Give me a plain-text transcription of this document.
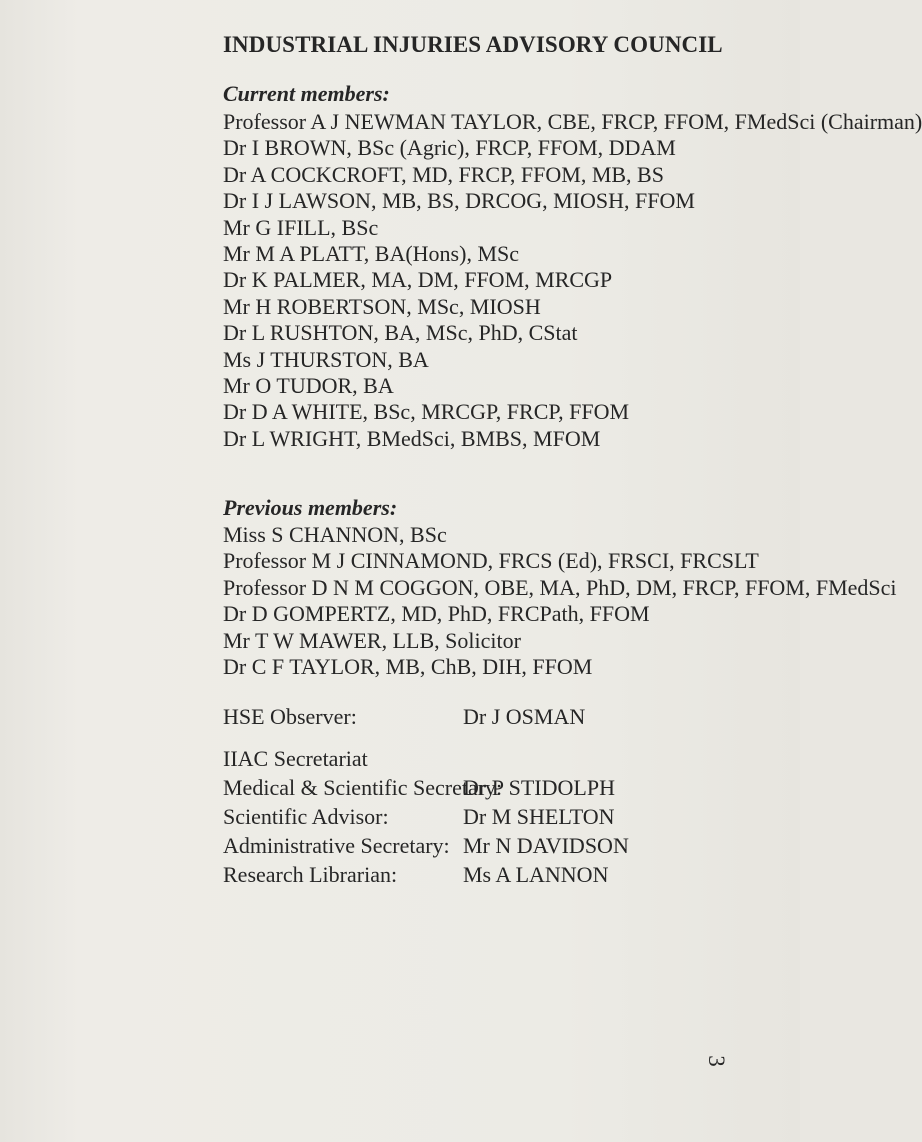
INDUSTRIAL INJURIES ADVISORY COUNCIL
Current members:
Professor A J NEWMAN TAYLOR, CBE, FRCP, FFOM, FMedSci (Chairman)
Dr I BROWN, BSc (Agric), FRCP, FFOM, DDAM
Dr A COCKCROFT, MD, FRCP, FFOM, MB, BS
Dr I J LAWSON, MB, BS, DRCOG, MIOSH, FFOM
Mr G IFILL, BSc
Mr M A PLATT, BA(Hons), MSc
Dr K PALMER, MA, DM, FFOM, MRCGP
Mr H ROBERTSON, MSc, MIOSH
Dr L RUSHTON, BA, MSc, PhD, CStat
Ms J THURSTON, BA
Mr O TUDOR, BA
Dr D A WHITE, BSc, MRCGP, FRCP, FFOM
Dr L WRIGHT, BMedSci, BMBS, MFOM
Previous members:
Miss S CHANNON, BSc
Professor M J CINNAMOND, FRCS (Ed), FRSCI, FRCSLT
Professor D N M COGGON, OBE, MA, PhD, DM, FRCP, FFOM, FMedSci
Dr D GOMPERTZ, MD, PhD, FRCPath, FFOM
Mr T W MAWER, LLB, Solicitor
Dr C F TAYLOR, MB, ChB, DIH, FFOM
HSE Observer:	Dr J OSMAN
IIAC Secretariat
Medical & Scientific Secretary:
Dr P STIDOLPH
Scientific Advisor:	Dr M SHELTON
Administrative Secretary: Mr N DAVIDSON
Research Librarian:	Ms A LANNON
3
